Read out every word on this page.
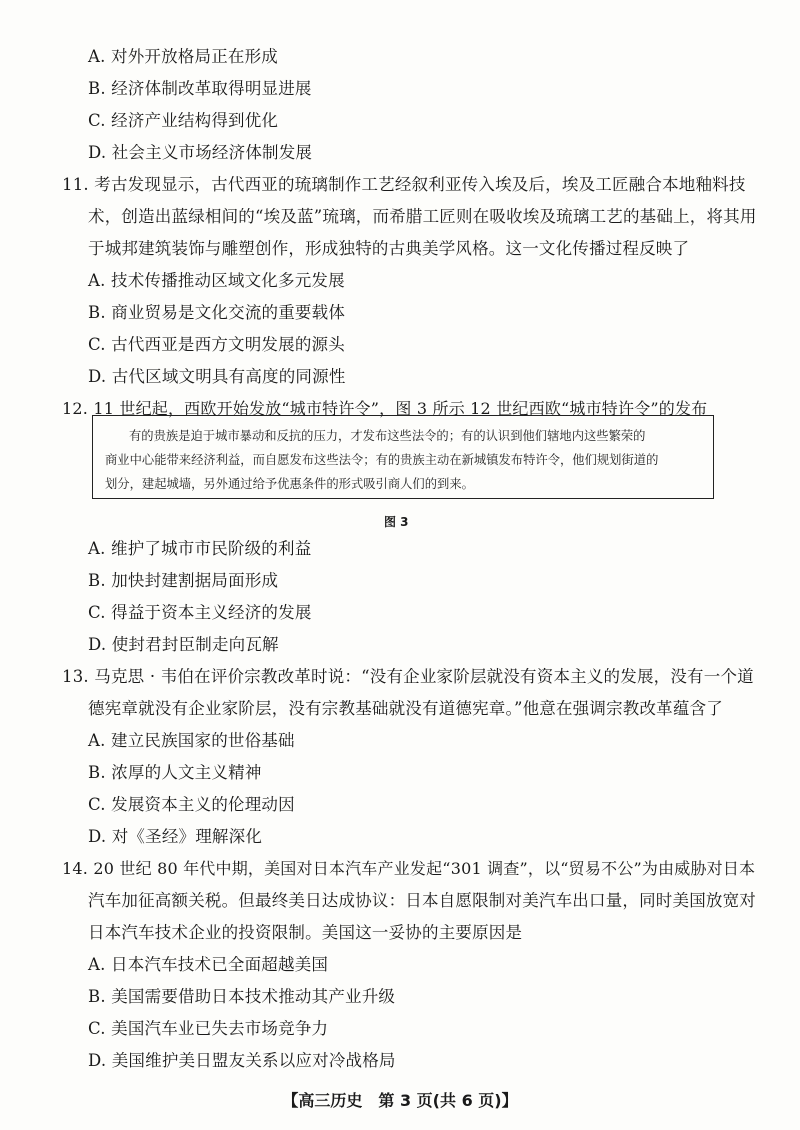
A. 对外开放格局正在形成
B. 经济体制改革取得明显进展
C. 经济产业结构得到优化
D. 社会主义市场经济体制发展
11. 考古发现显示，古代西亚的琉璃制作工艺经叙利亚传入埃及后，埃及工匠融合本地釉料技
术，创造出蓝绿相间的“埃及蓝”琉璃，而希腊工匠则在吸收埃及琉璃工艺的基础上，将其用
于城邦建筑装饰与雕塑创作，形成独特的古典美学风格。这一文化传播过程反映了
A. 技术传播推动区域文化多元发展
B. 商业贸易是文化交流的重要载体
C. 古代西亚是西方文明发展的源头
D. 古代区域文明具有高度的同源性
12. 11 世纪起，西欧开始发放“城市特许令”，图 3 所示 12 世纪西欧“城市特许令”的发布
有的贵族是迫于城市暴动和反抗的压力，才发布这些法令的；有的认识到他们辖地内这些繁荣的
商业中心能带来经济利益，而自愿发布这些法令；有的贵族主动在新城镇发布特许令，他们规划街道的
划分，建起城墙，另外通过给予优惠条件的形式吸引商人们的到来。
图 3
A. 维护了城市市民阶级的利益
B. 加快封建割据局面形成
C. 得益于资本主义经济的发展
D. 使封君封臣制走向瓦解
13. 马克思 · 韦伯在评价宗教改革时说：“没有企业家阶层就没有资本主义的发展，没有一个道
德宪章就没有企业家阶层，没有宗教基础就没有道德宪章。”他意在强调宗教改革蕴含了
A. 建立民族国家的世俗基础
B. 浓厚的人文主义精神
C. 发展资本主义的伦理动因
D. 对《圣经》理解深化
14. 20 世纪 80 年代中期，美国对日本汽车产业发起“301 调查”，以“贸易不公”为由威胁对日本
汽车加征高额关税。但最终美日达成协议：日本自愿限制对美汽车出口量，同时美国放宽对
日本汽车技术企业的投资限制。美国这一妥协的主要原因是
A. 日本汽车技术已全面超越美国
B. 美国需要借助日本技术推动其产业升级
C. 美国汽车业已失去市场竞争力
D. 美国维护美日盟友关系以应对冷战格局
【高三历史　第 3 页(共 6 页)】
